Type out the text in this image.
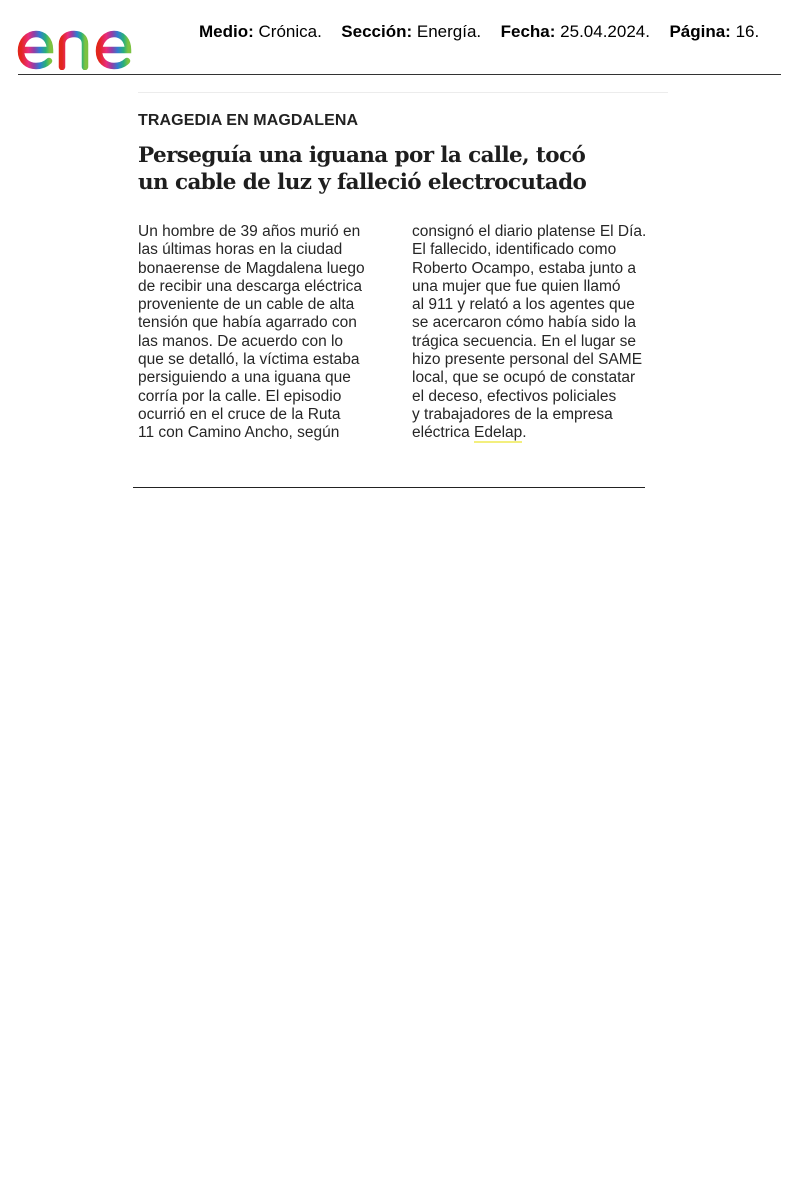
Medio: Crónica. Sección: Energía. Fecha: 25.04.2024. Página: 16.
TRAGEDIA EN MAGDALENA
Perseguía una iguana por la calle, tocó
un cable de luz y falleció electrocutado
Un hombre de 39 años murió en
las últimas horas en la ciudad
bonaerense de Magdalena luego
de recibir una descarga eléctrica
proveniente de un cable de alta
tensión que había agarrado con
las manos. De acuerdo con lo
que se detalló, la víctima estaba
persiguiendo a una iguana que
corría por la calle. El episodio
ocurrió en el cruce de la Ruta
11 con Camino Ancho, según
consignó el diario platense El Día.
El fallecido, identificado como
Roberto Ocampo, estaba junto a
una mujer que fue quien llamó
al 911 y relató a los agentes que
se acercaron cómo había sido la
trágica secuencia. En el lugar se
hizo presente personal del SAME
local, que se ocupó de constatar
el deceso, efectivos policiales
y trabajadores de la empresa
eléctrica Edelap.
